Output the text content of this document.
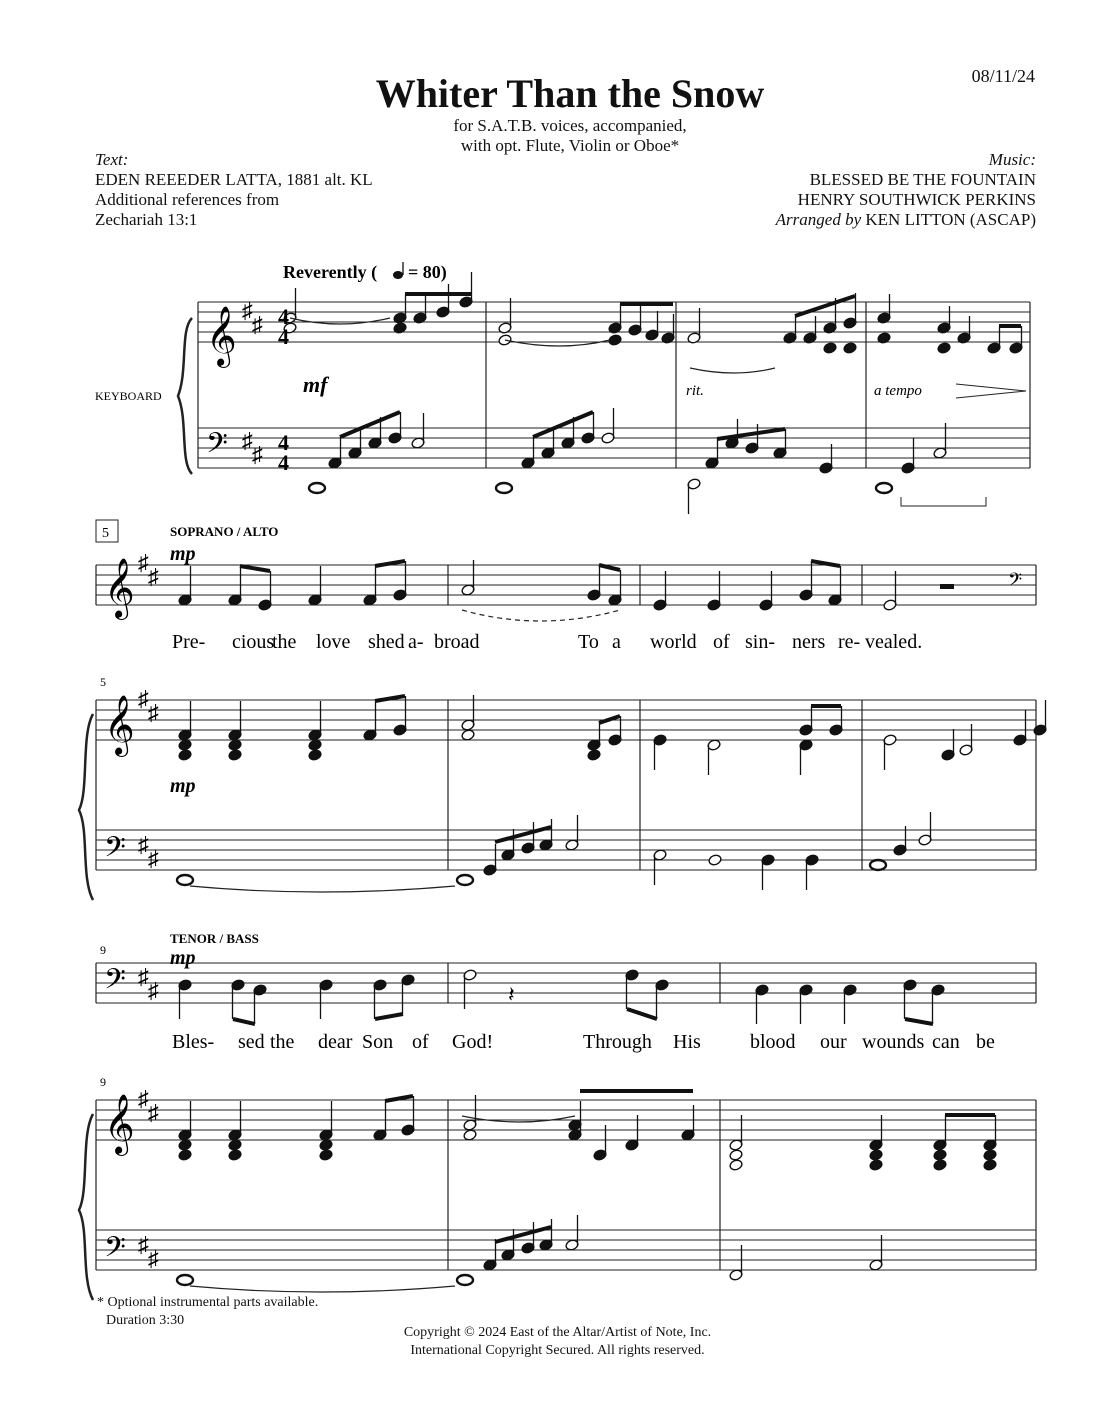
Whiter Than the Snow
for S.A.T.B. voices, accompanied,
with opt. Flute, Violin or Oboe*
08/11/24
Text:
EDEN REEEDER LATTA, 1881 alt. KL
Additional references from
Zechariah 13:1
Music:
BLESSED BE THE FOUNTAIN
HENRY SOUTHWICK PERKINS
Arranged by KEN LITTON (ASCAP)
𝄽
𝄞
𝄢
𝄞
𝄞
𝄢
𝄢
𝄞
𝄢
𝄢
♯
♯
♯
♯
♯
♯
♯
♯
♯
♯
♯
♯
♯
♯
♯
♯
4
4
4
4
Reverently ( = 80)
KEYBOARD	mf	rit.	a tempo
5	SOPRANO / ALTO
mp
5
mp
TENOR / BASS
9	mp
9
Pre- cious
the love shed a- broad	To a world of sin- ners re- vealed.
Bles- sed the dear Son of God!	Through His blood our wounds can be
* Optional instrumental parts available.
Duration 3:30
Copyright © 2024 East of the Altar/Artist of Note, Inc.
International Copyright Secured. All rights reserved.
